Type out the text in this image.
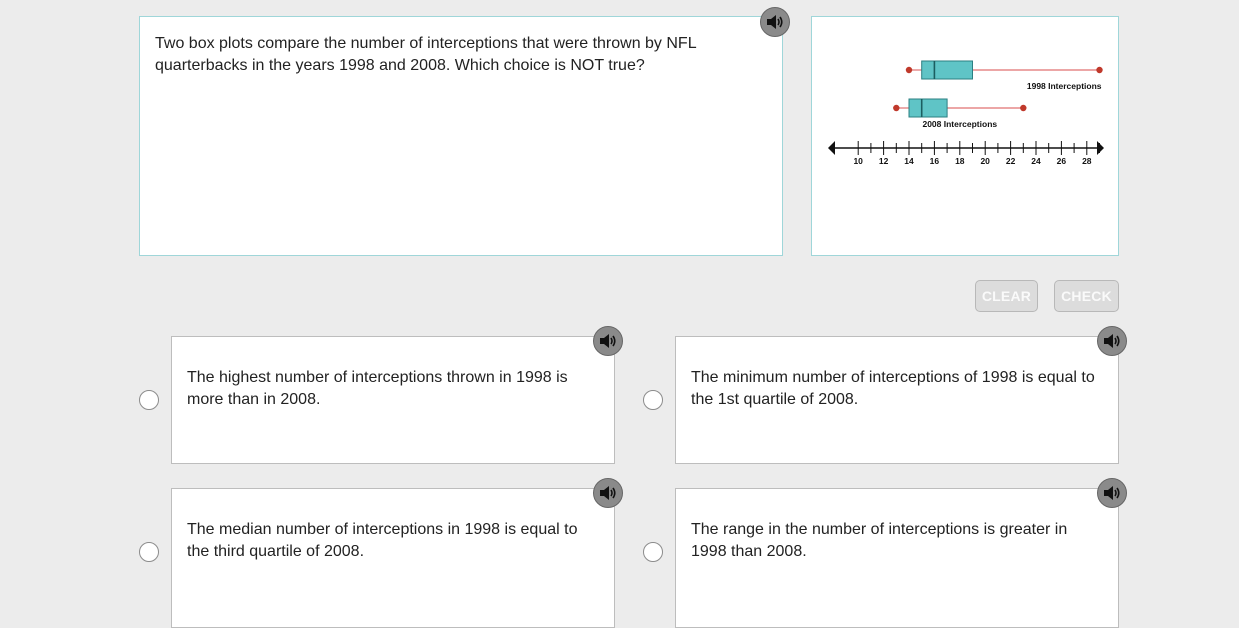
Two box plots compare the number of interceptions that were thrown by NFL quarterbacks in the years 1998 and 2008. Which choice is NOT true?
10 12 14 16 18 20 22 24 26 28
1998 Interceptions
2008 Interceptions
CLEAR	CHECK
The highest number of interceptions thrown in 1998 is more than in 2008.
The minimum number of interceptions of 1998 is equal to the 1st quartile of 2008.
The median number of interceptions in 1998 is equal to the third quartile of 2008.
The range in the number of interceptions is greater in 1998 than 2008.
